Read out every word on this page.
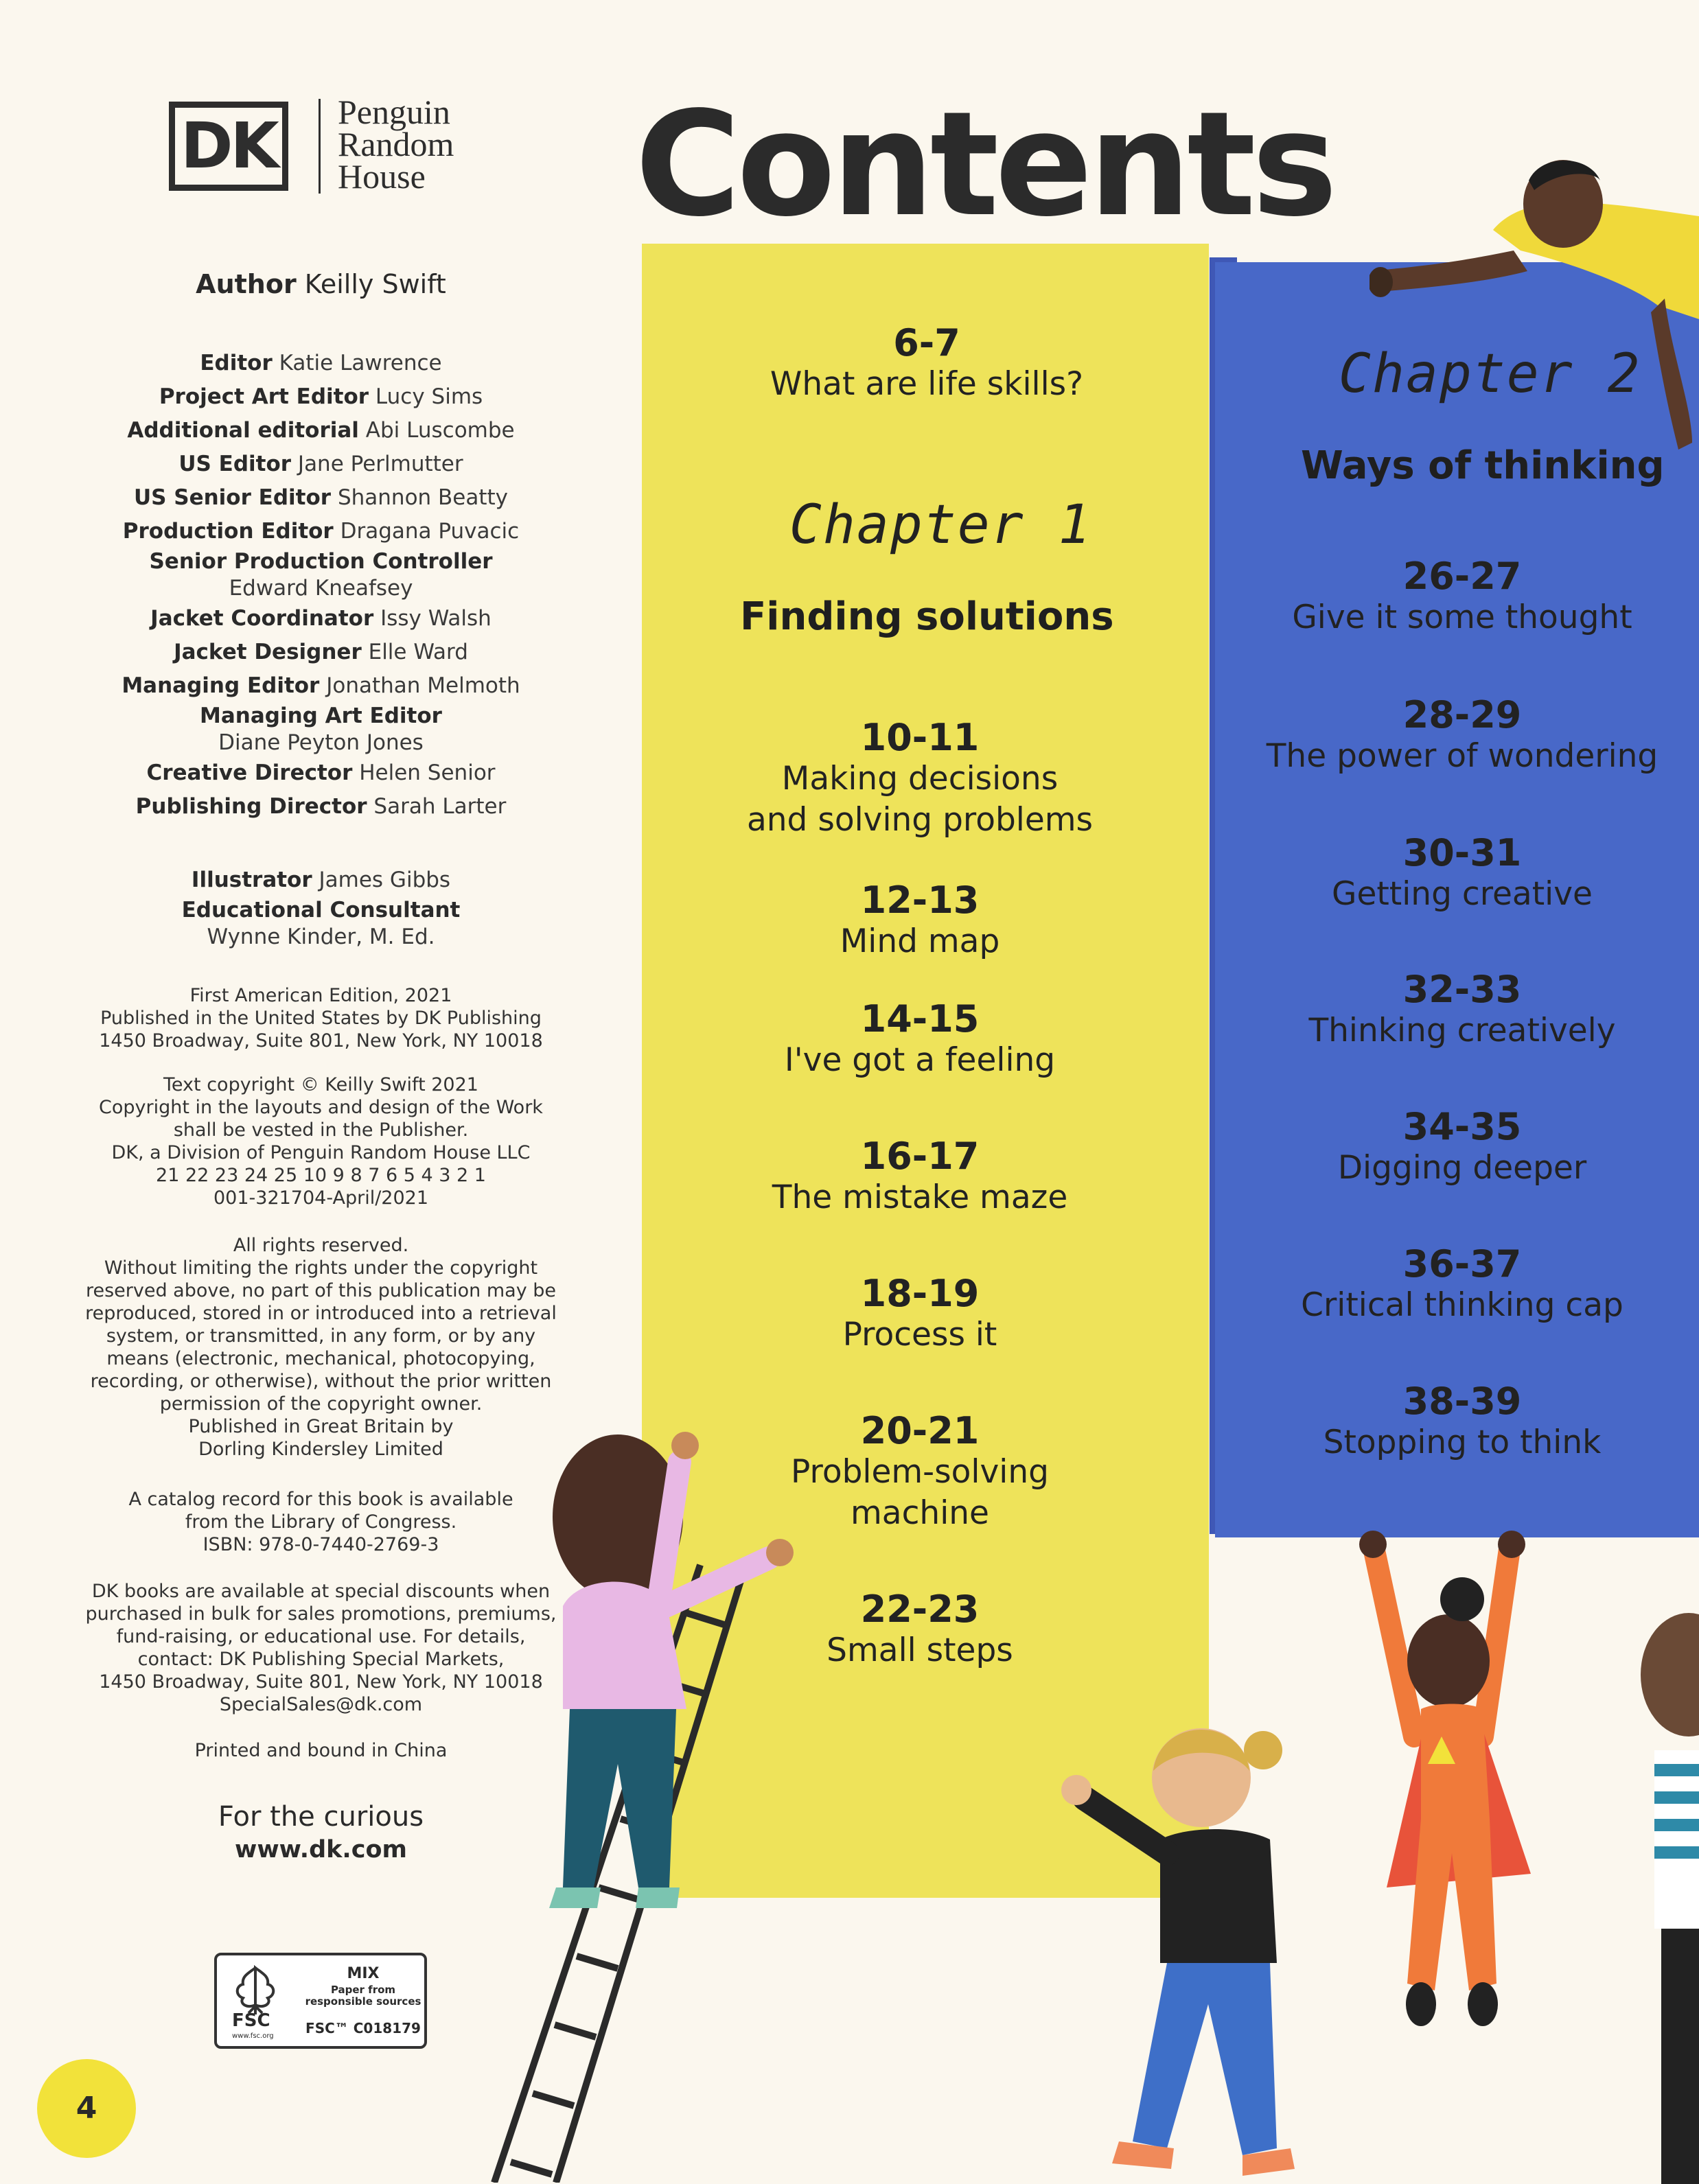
DK	Penguin
Random
House
Author Keilly Swift
Editor Katie Lawrence
Project Art Editor Lucy Sims
Additional editorial Abi Luscombe
US Editor Jane Perlmutter
US Senior Editor Shannon Beatty
Production Editor Dragana Puvacic
Senior Production Controller
Edward Kneafsey
Jacket Coordinator Issy Walsh
Jacket Designer Elle Ward
Managing Editor Jonathan Melmoth
Managing Art Editor
Diane Peyton Jones
Creative Director Helen Senior
Publishing Director Sarah Larter
Illustrator James Gibbs
Educational Consultant
Wynne Kinder, M. Ed.
First American Edition, 2021
Published in the United States by DK Publishing
1450 Broadway, Suite 801, New York, NY 10018
Text copyright © Keilly Swift 2021
Copyright in the layouts and design of the Work
shall be vested in the Publisher.
DK, a Division of Penguin Random House LLC
21 22 23 24 25 10 9 8 7 6 5 4 3 2 1
001-321704-April/2021
All rights reserved.
Without limiting the rights under the copyright
reserved above, no part of this publication may be
reproduced, stored in or introduced into a retrieval
system, or transmitted, in any form, or by any
means (electronic, mechanical, photocopying,
recording, or otherwise), without the prior written
permission of the copyright owner.
Published in Great Britain by
Dorling Kindersley Limited
A catalog record for this book is available
from the Library of Congress.
ISBN: 978-0-7440-2769-3
DK books are available at special discounts when
purchased in bulk for sales promotions, premiums,
fund-raising, or educational use. For details,
contact: DK Publishing Special Markets,
1450 Broadway, Suite 801, New York, NY 10018
SpecialSales@dk.com
Printed and bound in China
For the curious
www.dk.com
FSC
www.fsc.org
MIX
Paper from
responsible sources
FSC™ C018179
4
Contents
6-7
What are life skills?
Chapter 1
Finding solutions
10-11
Making decisions
and solving problems
12-13
Mind map
14-15
I've got a feeling
16-17
The mistake maze
18-19
Process it
20-21
Problem-solving
machine
22-23
Small steps
Chapter 2
Ways of thinking
26-27
Give it some thought
28-29
The power of wondering
30-31
Getting creative
32-33
Thinking creatively
34-35
Digging deeper
36-37
Critical thinking cap
38-39
Stopping to think
